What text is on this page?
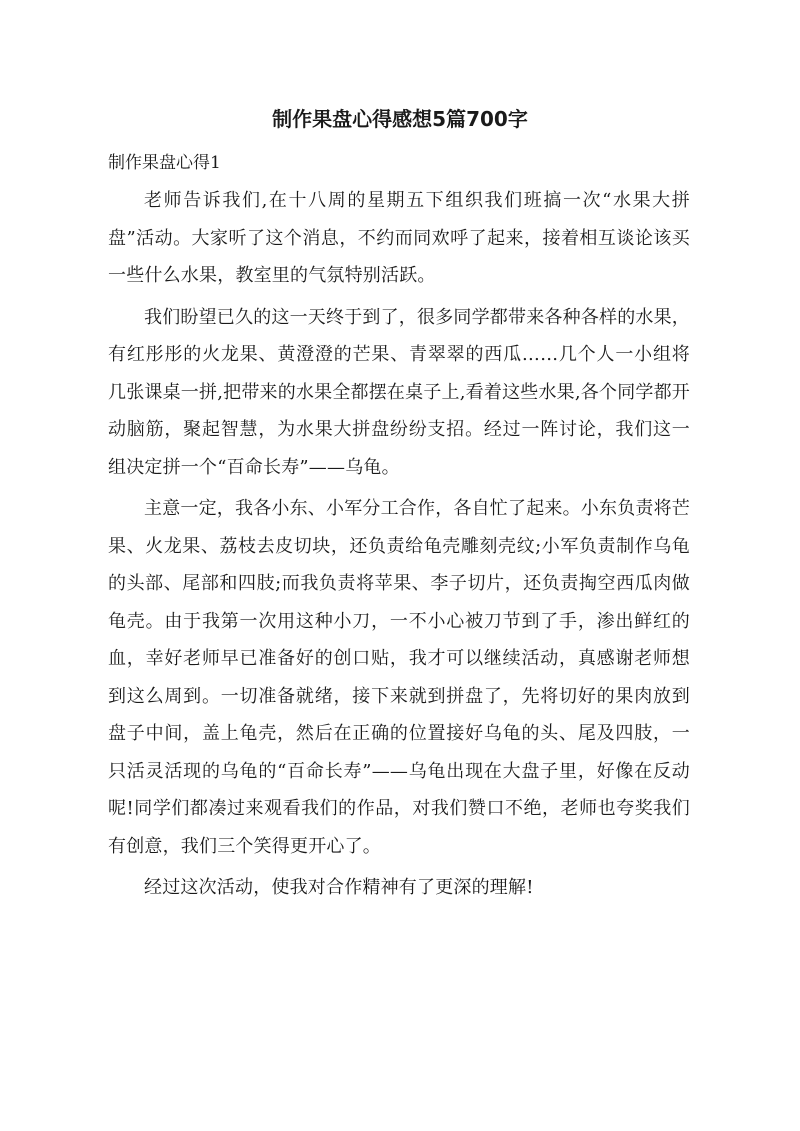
制作果盘心得感想5篇700字

制作果盘心得1

老师告诉我们,在十八周的星期五下组织我们班搞一次“水果大拼盘”活动。大家听了这个消息，不约而同欢呼了起来，接着相互谈论该买一些什么水果，教室里的气氛特别活跃。

我们盼望已久的这一天终于到了，很多同学都带来各种各样的水果，有红彤彤的火龙果、黄澄澄的芒果、青翠翠的西瓜……几个人一小组将几张课桌一拼,把带来的水果全都摆在桌子上,看着这些水果,各个同学都开动脑筋，聚起智慧，为水果大拼盘纷纷支招。经过一阵讨论，我们这一组决定拼一个“百命长寿”——乌龟。

主意一定，我各小东、小军分工合作，各自忙了起来。小东负责将芒果、火龙果、荔枝去皮切块，还负责给龟壳雕刻壳纹;小军负责制作乌龟的头部、尾部和四肢;而我负责将苹果、李子切片，还负责掏空西瓜肉做龟壳。由于我第一次用这种小刀，一不小心被刀节到了手，渗出鲜红的血，幸好老师早已准备好的创口贴，我才可以继续活动，真感谢老师想到这么周到。一切准备就绪，接下来就到拼盘了，先将切好的果肉放到盘子中间，盖上龟壳，然后在正确的位置接好乌龟的头、尾及四肢，一只活灵活现的乌龟的“百命长寿”——乌龟出现在大盘子里，好像在反动呢!同学们都凑过来观看我们的作品，对我们赞口不绝，老师也夸奖我们有创意，我们三个笑得更开心了。

经过这次活动，使我对合作精神有了更深的理解!
